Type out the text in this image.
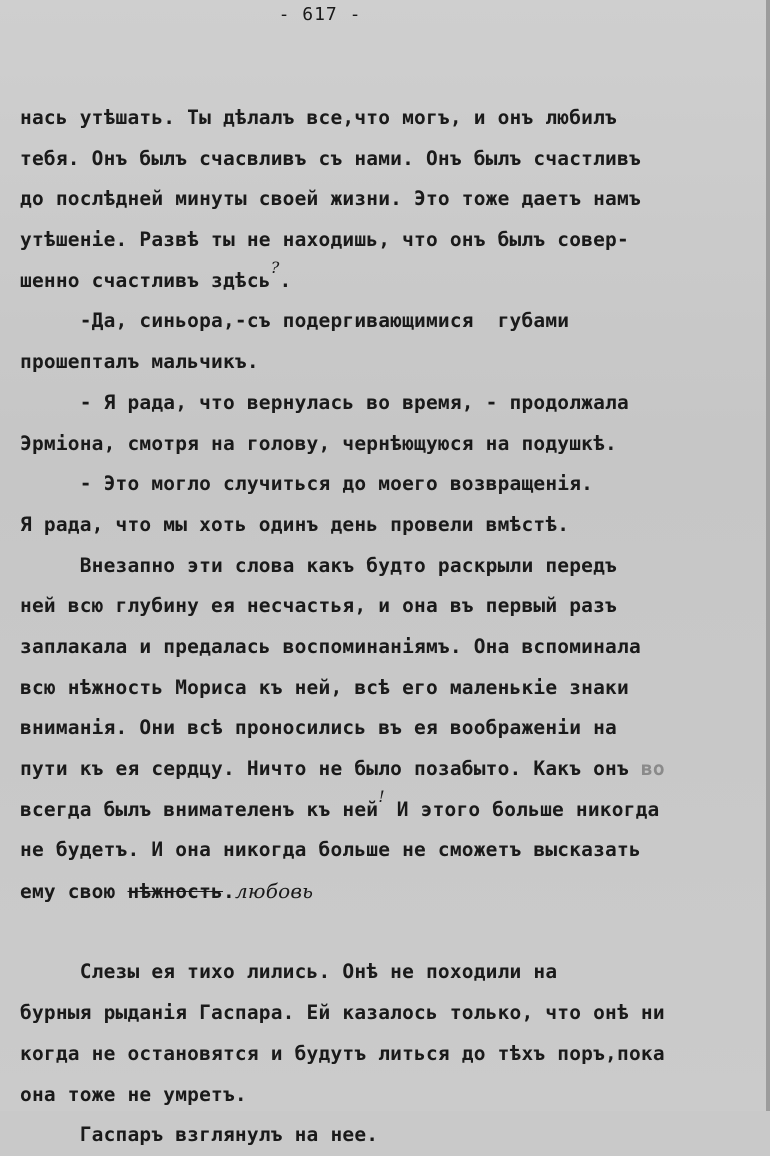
- 617 -
нась утѣшать. Ты дѣлалъ все,что могъ, и онъ любилъ
тебя. Онъ былъ счасвливъ съ нами. Онъ былъ счастливъ
до послѣдней минуты своей жизни. Это тоже даетъ намъ
утѣшенiе. Развѣ ты не находишь, что онъ былъ совер-
шенно счастливъ здѣсь?.
-Да, синьора,-съ подергивающимися  губами
прошепталъ мальчикъ.
- Я рада, что вернулась во время, - продолжала
Эрмiона, смотря на голову, чернѣющуюся на подушкѣ.
- Это могло случиться до моего возвращенiя.
Я рада, что мы хоть одинъ день провели вмѣстѣ.
Внезапно эти слова какъ будто раскрыли передъ
ней всю глубину ея несчастья, и она въ первый разъ
заплакала и предалась воспоминанiямъ. Она вспоминала
всю нѣжность Мориса къ ней, всѣ его маленькiе знаки
вниманiя. Они всѣ проносились въ ея воображенiи на
пути къ ея сердцу. Ничто не было позабыто. Какъ онъ во
всегда былъ внимателенъ къ ней! И этого больше никогда
не будетъ. И она никогда больше не сможетъ высказать
ему свою нѣжность.любовь
Слезы ея тихо лились. Онѣ не походили на
бурныя рыданiя Гаспара. Ей казалось только, что онѣ ни
когда не остановятся и будутъ литься до тѣхъ поръ,пока
она тоже не умретъ.
Гаспаръ взглянулъ на нее.
